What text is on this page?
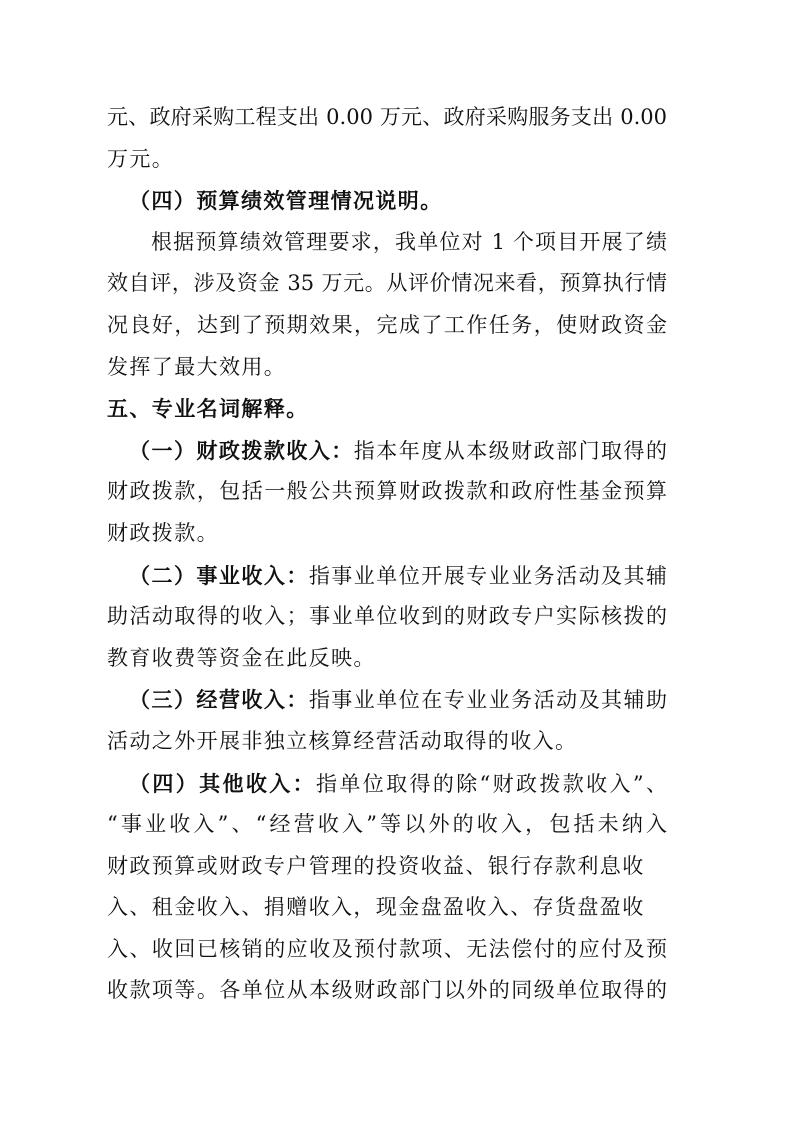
元、政府采购工程支出 0.00 万元、政府采购服务支出 0.00
万元。
（四）预算绩效管理情况说明。
根据预算绩效管理要求，我单位对 1 个项目开展了绩
效自评，涉及资金 35 万元。从评价情况来看，预算执行情
况良好，达到了预期效果，完成了工作任务，使财政资金
发挥了最大效用。
五、专业名词解释。
（一）财政拨款收入：指本年度从本级财政部门取得的
财政拨款，包括一般公共预算财政拨款和政府性基金预算
财政拨款。
（二）事业收入：指事业单位开展专业业务活动及其辅
助活动取得的收入；事业单位收到的财政专户实际核拨的
教育收费等资金在此反映。
（三）经营收入：指事业单位在专业业务活动及其辅助
活动之外开展非独立核算经营活动取得的收入。
（四）其他收入：指单位取得的除“财政拨款收入”、
“事业收入”、“经营收入”等以外的收入，包括未纳入
财政预算或财政专户管理的投资收益、银行存款利息收
入、租金收入、捐赠收入，现金盘盈收入、存货盘盈收
入、收回已核销的应收及预付款项、无法偿付的应付及预
收款项等。各单位从本级财政部门以外的同级单位取得的
